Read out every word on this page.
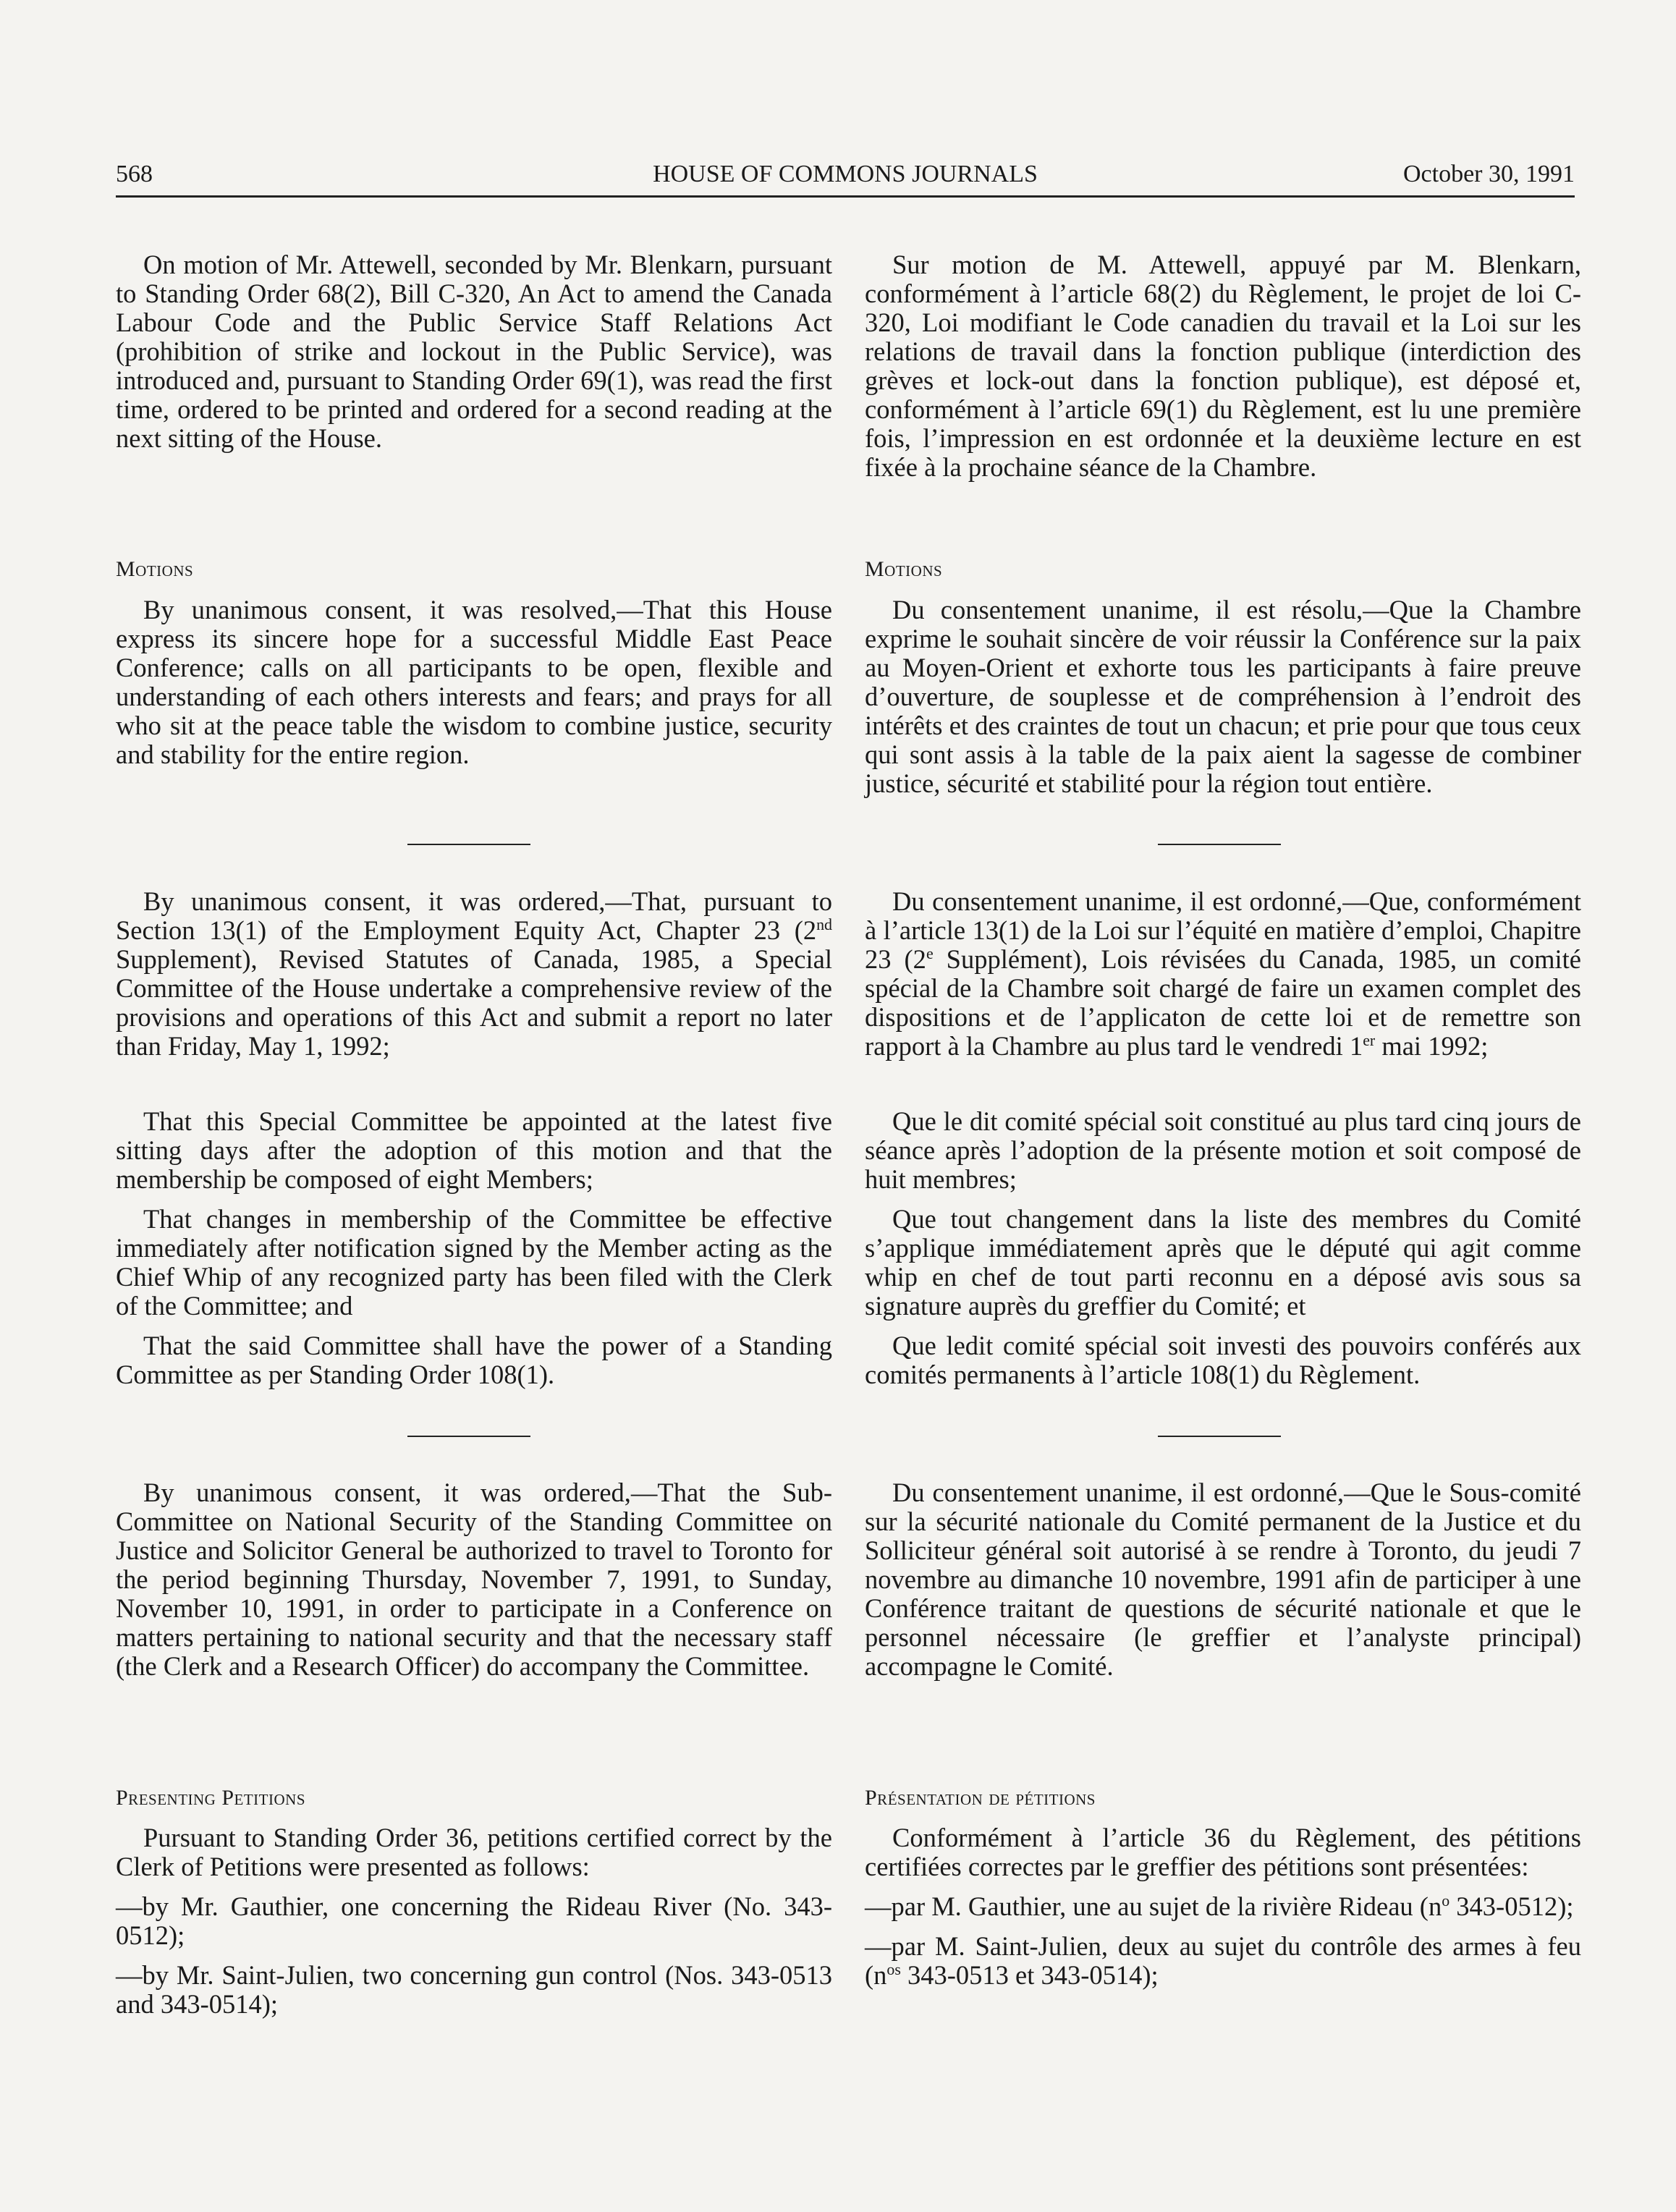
568	HOUSE OF COMMONS JOURNALS	October 30, 1991

On motion of Mr. Attewell, seconded by Mr. Blenkarn, pursuant to Standing Order 68(2), Bill C-320, An Act to amend the Canada Labour Code and the Public Service Staff Relations Act (prohibition of strike and lockout in the Public Service), was introduced and, pursuant to Standing Order 69(1), was read the first time, ordered to be printed and ordered for a second reading at the next sitting of the House.

Motions

By unanimous consent, it was resolved,—That this House express its sincere hope for a successful Middle East Peace Conference; calls on all participants to be open, flexible and understanding of each others interests and fears; and prays for all who sit at the peace table the wisdom to combine justice, security and stability for the entire region.

By unanimous consent, it was ordered,—That, pursuant to Section 13(1) of the Employment Equity Act, Chapter 23 (2nd Supplement), Revised Statutes of Canada, 1985, a Special Committee of the House undertake a comprehensive review of the provisions and operations of this Act and submit a report no later than Friday, May 1, 1992;

That this Special Committee be appointed at the latest five sitting days after the adoption of this motion and that the membership be composed of eight Members;

That changes in membership of the Committee be effective immediately after notification signed by the Member acting as the Chief Whip of any recognized party has been filed with the Clerk of the Committee; and

That the said Committee shall have the power of a Standing Committee as per Standing Order 108(1).

By unanimous consent, it was ordered,—That the Sub-Committee on National Security of the Standing Committee on Justice and Solicitor General be authorized to travel to Toronto for the period beginning Thursday, November 7, 1991, to Sunday, November 10, 1991, in order to participate in a Conference on matters pertaining to national security and that the necessary staff (the Clerk and a Research Officer) do accompany the Committee.

Presenting Petitions

Pursuant to Standing Order 36, petitions certified correct by the Clerk of Petitions were presented as follows:

—by Mr. Gauthier, one concerning the Rideau River (No. 343-0512);

—by Mr. Saint-Julien, two concerning gun control (Nos. 343-0513 and 343-0514);

Sur motion de M. Attewell, appuyé par M. Blenkarn, conformément à l’article 68(2) du Règlement, le projet de loi C-320, Loi modifiant le Code canadien du travail et la Loi sur les relations de travail dans la fonction publique (interdiction des grèves et lock-out dans la fonction publique), est déposé et, conformément à l’article 69(1) du Règlement, est lu une première fois, l’impression en est ordonnée et la deuxième lecture en est fixée à la prochaine séance de la Chambre.

Motions

Du consentement unanime, il est résolu,—Que la Chambre exprime le souhait sincère de voir réussir la Conférence sur la paix au Moyen-Orient et exhorte tous les participants à faire preuve d’ouverture, de souplesse et de compréhension à l’endroit des intérêts et des craintes de tout un chacun; et prie pour que tous ceux qui sont assis à la table de la paix aient la sagesse de combiner justice, sécurité et stabilité pour la région tout entière.

Du consentement unanime, il est ordonné,—Que, conformément à l’article 13(1) de la Loi sur l’équité en matière d’emploi, Chapitre 23 (2e Supplément), Lois révisées du Canada, 1985, un comité spécial de la Chambre soit chargé de faire un examen complet des dispositions et de l’applicaton de cette loi et de remettre son rapport à la Chambre au plus tard le vendredi 1er mai 1992;

Que le dit comité spécial soit constitué au plus tard cinq jours de séance après l’adoption de la présente motion et soit composé de huit membres;

Que tout changement dans la liste des membres du Comité s’applique immédiatement après que le député qui agit comme whip en chef de tout parti reconnu en a déposé avis sous sa signature auprès du greffier du Comité; et

Que ledit comité spécial soit investi des pouvoirs conférés aux comités permanents à l’article 108(1) du Règlement.

Du consentement unanime, il est ordonné,—Que le Sous-comité sur la sécurité nationale du Comité permanent de la Justice et du Solliciteur général soit autorisé à se rendre à Toronto, du jeudi 7 novembre au dimanche 10 novembre, 1991 afin de participer à une Conférence traitant de questions de sécurité nationale et que le personnel nécessaire (le greffier et l’analyste principal) accompagne le Comité.

Présentation de pétitions

Conformément à l’article 36 du Règlement, des pétitions certifiées correctes par le greffier des pétitions sont présentées:

—par M. Gauthier, une au sujet de la rivière Rideau ($n^o$ 343-0512);

—par M. Saint-Julien, deux au sujet du contrôle des armes à feu ($n^{os}$ 343-0513 et 343-0514);
